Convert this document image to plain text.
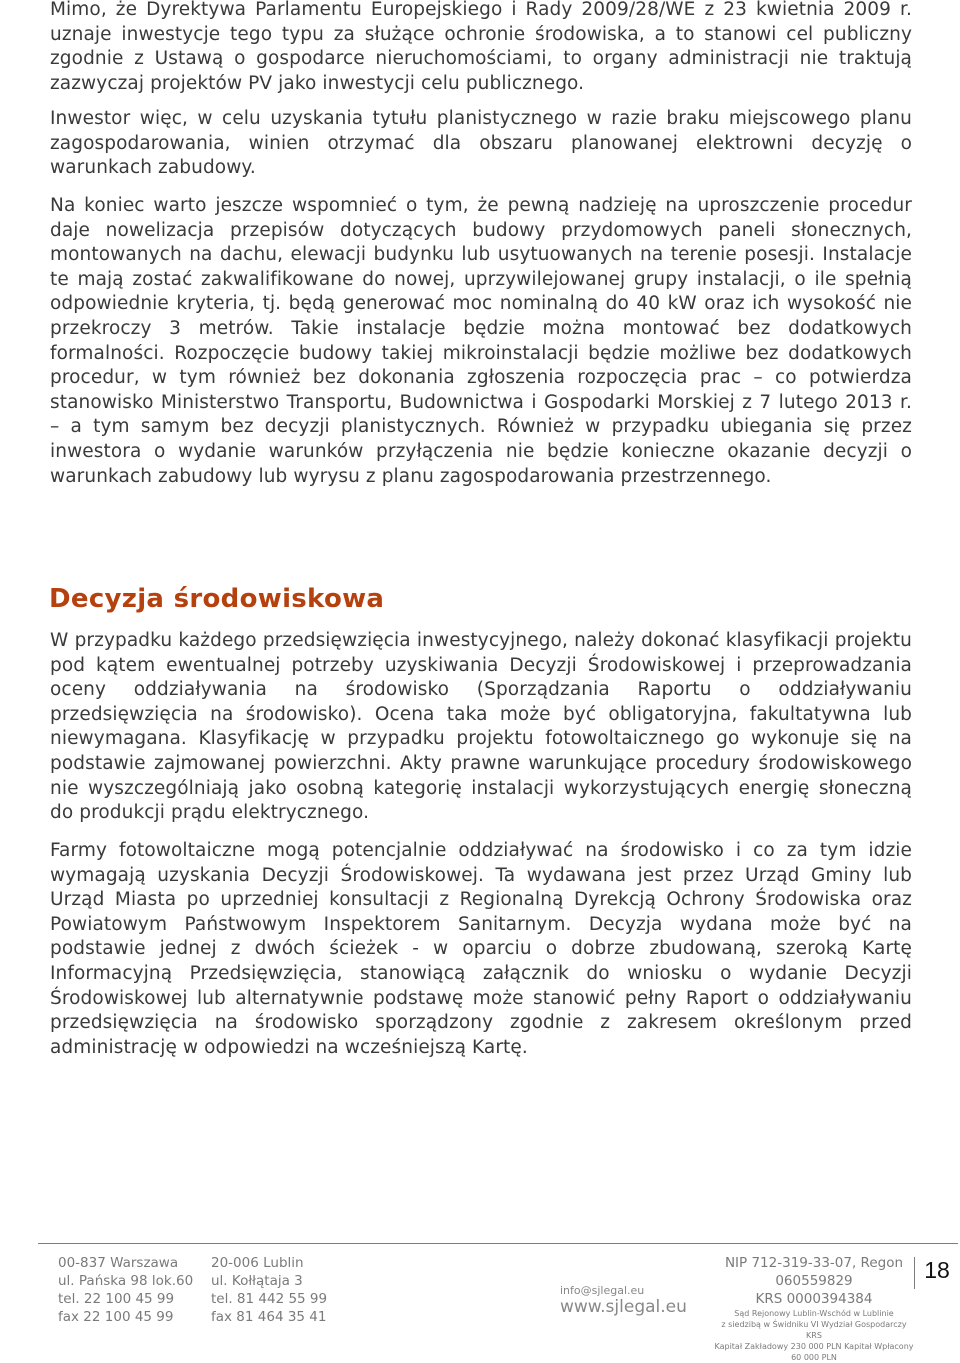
Mimo, że Dyrektywa Parlamentu Europejskiego i Rady 2009/28/WE z 23 kwietnia 2009 r. uznaje inwestycje tego typu za służące ochronie środowiska, a to stanowi cel publiczny zgodnie z Ustawą o gospodarce nieruchomościami, to organy administracji nie traktują zazwyczaj projektów PV jako inwestycji celu publicznego.

Inwestor więc, w celu uzyskania tytułu planistycznego w razie braku miejscowego planu zagospodarowania, winien otrzymać dla obszaru planowanej elektrowni decyzję o warunkach zabudowy.

Na koniec warto jeszcze wspomnieć o tym, że pewną nadzieję na uproszczenie procedur daje nowelizacja przepisów dotyczących budowy przydomowych paneli słonecznych, montowanych na dachu, elewacji budynku lub usytuowanych na terenie posesji. Instalacje te mają zostać zakwalifikowane do nowej, uprzywilejowanej grupy instalacji, o ile spełnią odpowiednie kryteria, tj. będą generować moc nominalną do 40 kW oraz ich wysokość nie przekroczy 3 metrów. Takie instalacje będzie można montować bez dodatkowych formalności. Rozpoczęcie budowy takiej mikroinstalacji będzie możliwe bez dodatkowych procedur, w tym również bez dokonania zgłoszenia rozpoczęcia prac – co potwierdza stanowisko Ministerstwo Transportu, Budownictwa i Gospodarki Morskiej z 7 lutego 2013 r. – a tym samym bez decyzji planistycznych. Również w przypadku ubiegania się przez inwestora o wydanie warunków przyłączenia nie będzie konieczne okazanie decyzji o warunkach zabudowy lub wyrysu z planu zagospodarowania przestrzennego.

Decyzja środowiskowa

W przypadku każdego przedsięwzięcia inwestycyjnego, należy dokonać klasyfikacji projektu pod kątem ewentualnej potrzeby uzyskiwania Decyzji Środowiskowej i przeprowadzania oceny oddziaływania na środowisko (Sporządzania Raportu o oddziaływaniu przedsięwzięcia na środowisko). Ocena taka może być obligatoryjna, fakultatywna lub niewymagana. Klasyfikację w przypadku projektu fotowoltaicznego go wykonuje się na podstawie zajmowanej powierzchni. Akty prawne warunkujące procedury środowiskowego nie wyszczególniają jako osobną kategorię instalacji wykorzystujących energię słoneczną do produkcji prądu elektrycznego.

Farmy fotowoltaiczne mogą potencjalnie oddziaływać na środowisko i co za tym idzie wymagają uzyskania Decyzji Środowiskowej. Ta wydawana jest przez Urząd Gminy lub Urząd Miasta po uprzedniej konsultacji z Regionalną Dyrekcją Ochrony Środowiska oraz Powiatowym Państwowym Inspektorem Sanitarnym. Decyzja wydana może być na podstawie jednej z dwóch ścieżek - w oparciu o dobrze zbudowaną, szeroką Kartę Informacyjną Przedsięwzięcia, stanowiącą załącznik do wniosku o wydanie Decyzji Środowiskowej lub alternatywnie podstawę może stanowić pełny Raport o oddziaływaniu przedsięwzięcia na środowisko sporządzony zgodnie z zakresem określonym przed administrację w odpowiedzi na wcześniejszą Kartę.

00-837 Warszawa
ul. Pańska 98 lok.60
tel. 22 100 45 99
fax 22 100 45 99
20-006 Lublin
ul. Kołłątaja 3
tel. 81 442 55 99
fax 81 464 35 41
info@sjlegal.eu
www.sjlegal.eu
NIP 712-319-33-07, Regon 060559829
KRS 0000394384
Sąd Rejonowy Lublin-Wschód w Lublinie
z siedzibą w Świdniku VI Wydział Gospodarczy KRS
Kapitał Zakładowy 230 000 PLN Kapitał Wpłacony 60 000 PLN
18
